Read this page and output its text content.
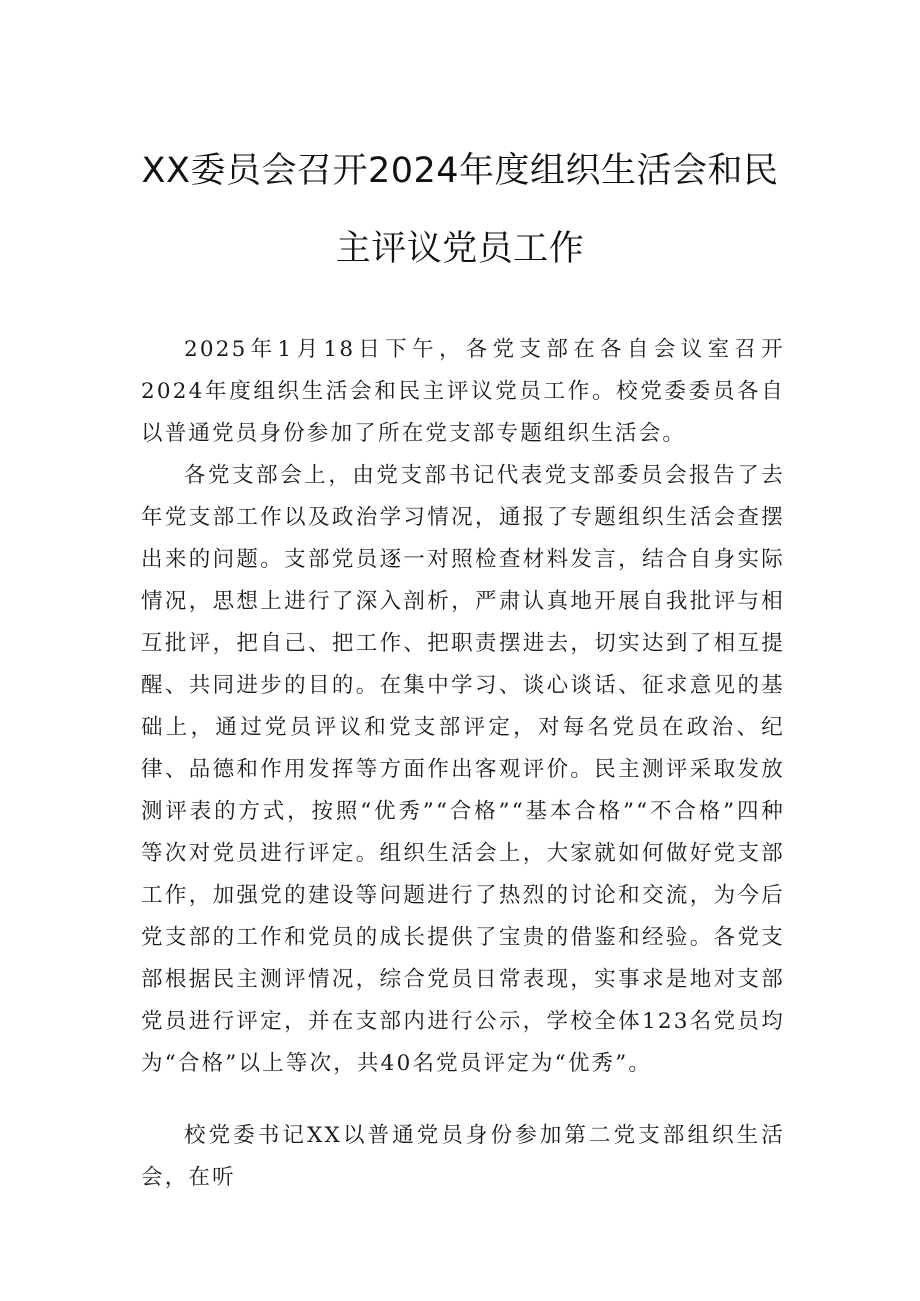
XX委员会召开2024年度组织生活会和民
主评议党员工作

2025年1月18日下午，各党支部在各自会议室召开2024年度组织生活会和民主评议党员工作。校党委委员各自以普通党员身份参加了所在党支部专题组织生活会。

各党支部会上，由党支部书记代表党支部委员会报告了去年党支部工作以及政治学习情况，通报了专题组织生活会查摆出来的问题。支部党员逐一对照检查材料发言，结合自身实际情况，思想上进行了深入剖析，严肃认真地开展自我批评与相互批评，把自己、把工作、把职责摆进去，切实达到了相互提醒、共同进步的目的。在集中学习、谈心谈话、征求意见的基础上，通过党员评议和党支部评定，对每名党员在政治、纪律、品德和作用发挥等方面作出客观评价。民主测评采取发放测评表的方式，按照“优秀”“合格”“基本合格”“不合格”四种等次对党员进行评定。组织生活会上，大家就如何做好党支部工作，加强党的建设等问题进行了热烈的讨论和交流，为今后党支部的工作和党员的成长提供了宝贵的借鉴和经验。各党支部根据民主测评情况，综合党员日常表现，实事求是地对支部党员进行评定，并在支部内进行公示，学校全体123名党员均为“合格”以上等次，共40名党员评定为“优秀”。

校党委书记XX以普通党员身份参加第二党支部组织生活会，在听
